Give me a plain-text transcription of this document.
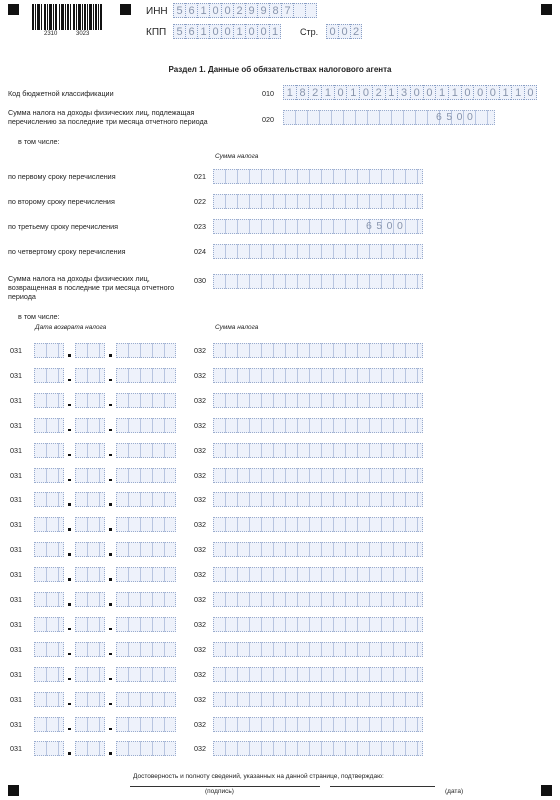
2310	3023
ИНН 5 6 1 0 0 2 9 9 8 7
КПП 5 6 1 0 0 1 0 0 1	Стр.	0 0 2
Раздел 1. Данные об обязательствах налогового агента
Код бюджетной классификации	010	1 8 2 1 0 1 0 2 1 3 0 0 1 1 0 0 0 1 1 0
Сумма налога на доходы физических лиц, подлежащая перечислению за последние три месяца отчетного периода	020	6500
в том числе:
Сумма налога
по первому сроку перечисления	021
по второму сроку перечисления	022
по третьему сроку перечисления	023	6500
по четвертому сроку перечисления	024
Сумма налога на доходы физических лиц, возвращенная в последние три месяца отчетного периода
030
в том числе:
Дата возврата налога	Сумма налога
031	032
031	032
031	032
031	032
031	032
031	032
031	032
031	032
031	032
031	032
031	032
031	032
031	032
031	032
031	032
031	032
031	032
Достоверность и полноту сведений, указанных на данной странице, подтверждаю:
(подпись)	(дата)
